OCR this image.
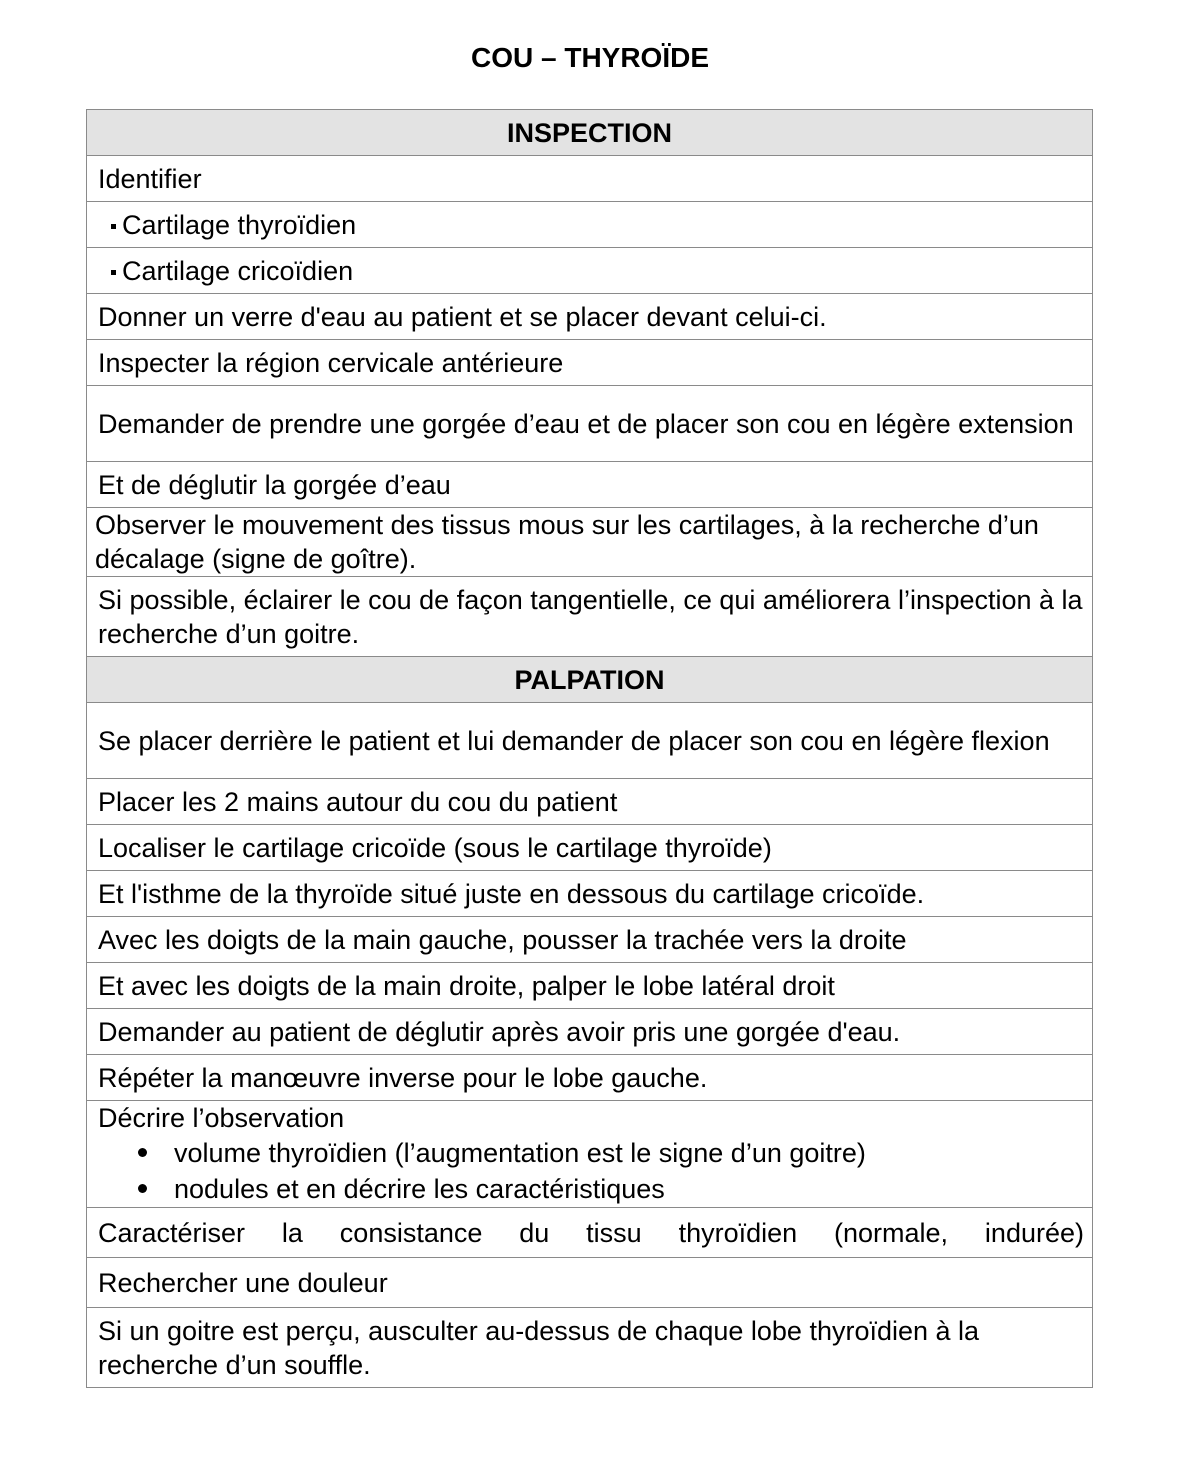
COU – THYROÏDE
INSPECTION
Identifier
Cartilage thyroïdien
Cartilage cricoïdien
Donner un verre d'eau au patient et se placer devant celui-ci.
Inspecter la région cervicale antérieure
Demander de prendre une gorgée d’eau et de placer son cou en légère extension
Et de déglutir la gorgée d’eau
Observer le mouvement des tissus mous sur les cartilages, à la recherche d’un décalage (signe de goître).
Si possible, éclairer le cou de façon tangentielle, ce qui améliorera l’inspection à la recherche d’un goitre.
PALPATION
Se placer derrière le patient et lui demander de placer son cou en légère flexion
Placer les 2 mains autour du cou du patient
Localiser le cartilage cricoïde (sous le cartilage thyroïde)
Et l'isthme de la thyroïde situé juste en dessous du cartilage cricoïde.
Avec les doigts de la main gauche, pousser la trachée vers la droite
Et avec les doigts de la main droite, palper le lobe latéral droit
Demander au patient de déglutir après avoir pris une gorgée d'eau.
Répéter la manœuvre inverse pour le lobe gauche.

Décrire l’observation
volume thyroïdien (l’augmentation est le signe d’un goitre)
nodules et en décrire les caractéristiques

Caractériser la consistance du tissu thyroïdien (normale, indurée)
Rechercher une douleur
Si un goitre est perçu, ausculter au-dessus de chaque lobe thyroïdien à la recherche d’un souffle.
